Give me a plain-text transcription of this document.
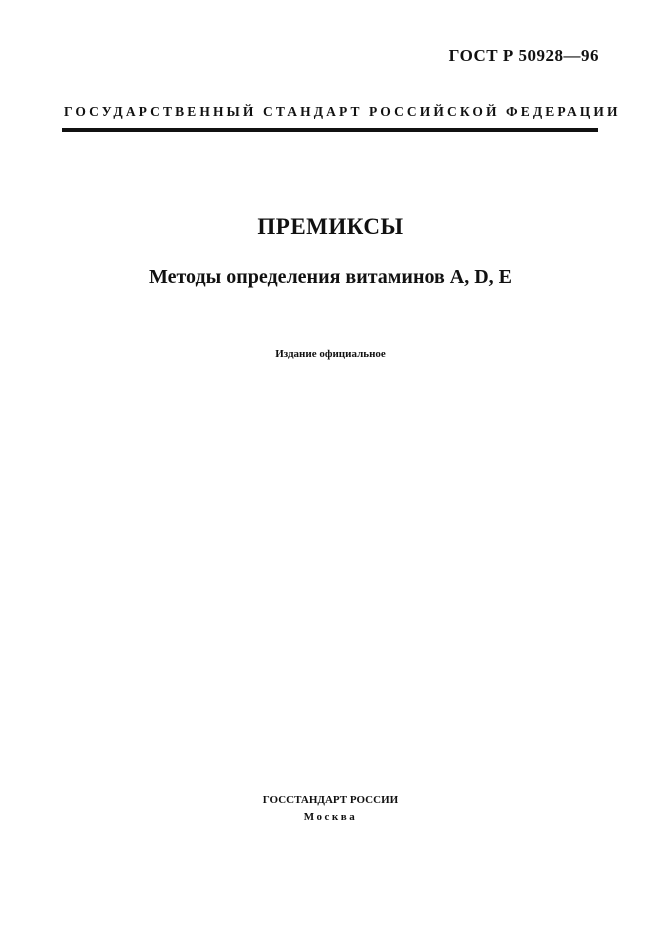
ГОСТ Р 50928—96
ГОСУДАРСТВЕННЫЙ СТАНДАРТ РОССИЙСКОЙ ФЕДЕРАЦИИ
ПРЕМИКСЫ
Методы определения витаминов А, D, Е
Издание официальное
ГОССТАНДАРТ РОССИИ
Москва
